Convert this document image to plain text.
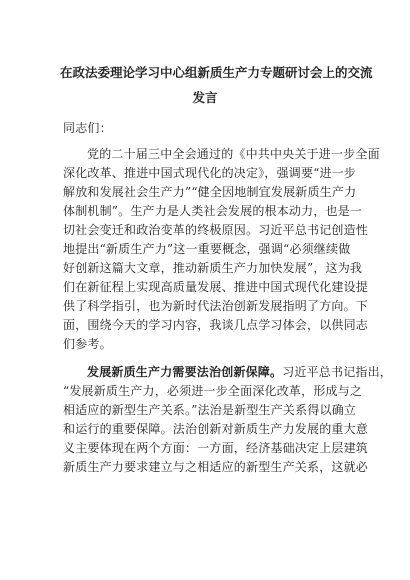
在政法委理论学习中心组新质生产力专题研讨会上的交流
发言
同志们：
党的二十届三中全会通过的《中共中央关于进一步全面
深化改革、推进中国式现代化的决定》，强调要“进一步
解放和发展社会生产力”“健全因地制宜发展新质生产力
体制机制”。生产力是人类社会发展的根本动力，也是一
切社会变迁和政治变革的终极原因。习近平总书记创造性
地提出“新质生产力”这一重要概念，强调“必须继续做
好创新这篇大文章，推动新质生产力加快发展”，这为我
们在新征程上实现高质量发展、推进中国式现代化建设提
供了科学指引，也为新时代法治创新发展指明了方向。下
面，围绕今天的学习内容，我谈几点学习体会，以供同志
们参考。
发展新质生产力需要法治创新保障。习近平总书记指出，
“发展新质生产力，必须进一步全面深化改革，形成与之
相适应的新型生产关系。”法治是新型生产关系得以确立
和运行的重要保障。法治创新对新质生产力发展的重大意
义主要体现在两个方面：一方面，经济基础决定上层建筑
新质生产力要求建立与之相适应的新型生产关系，这就必
